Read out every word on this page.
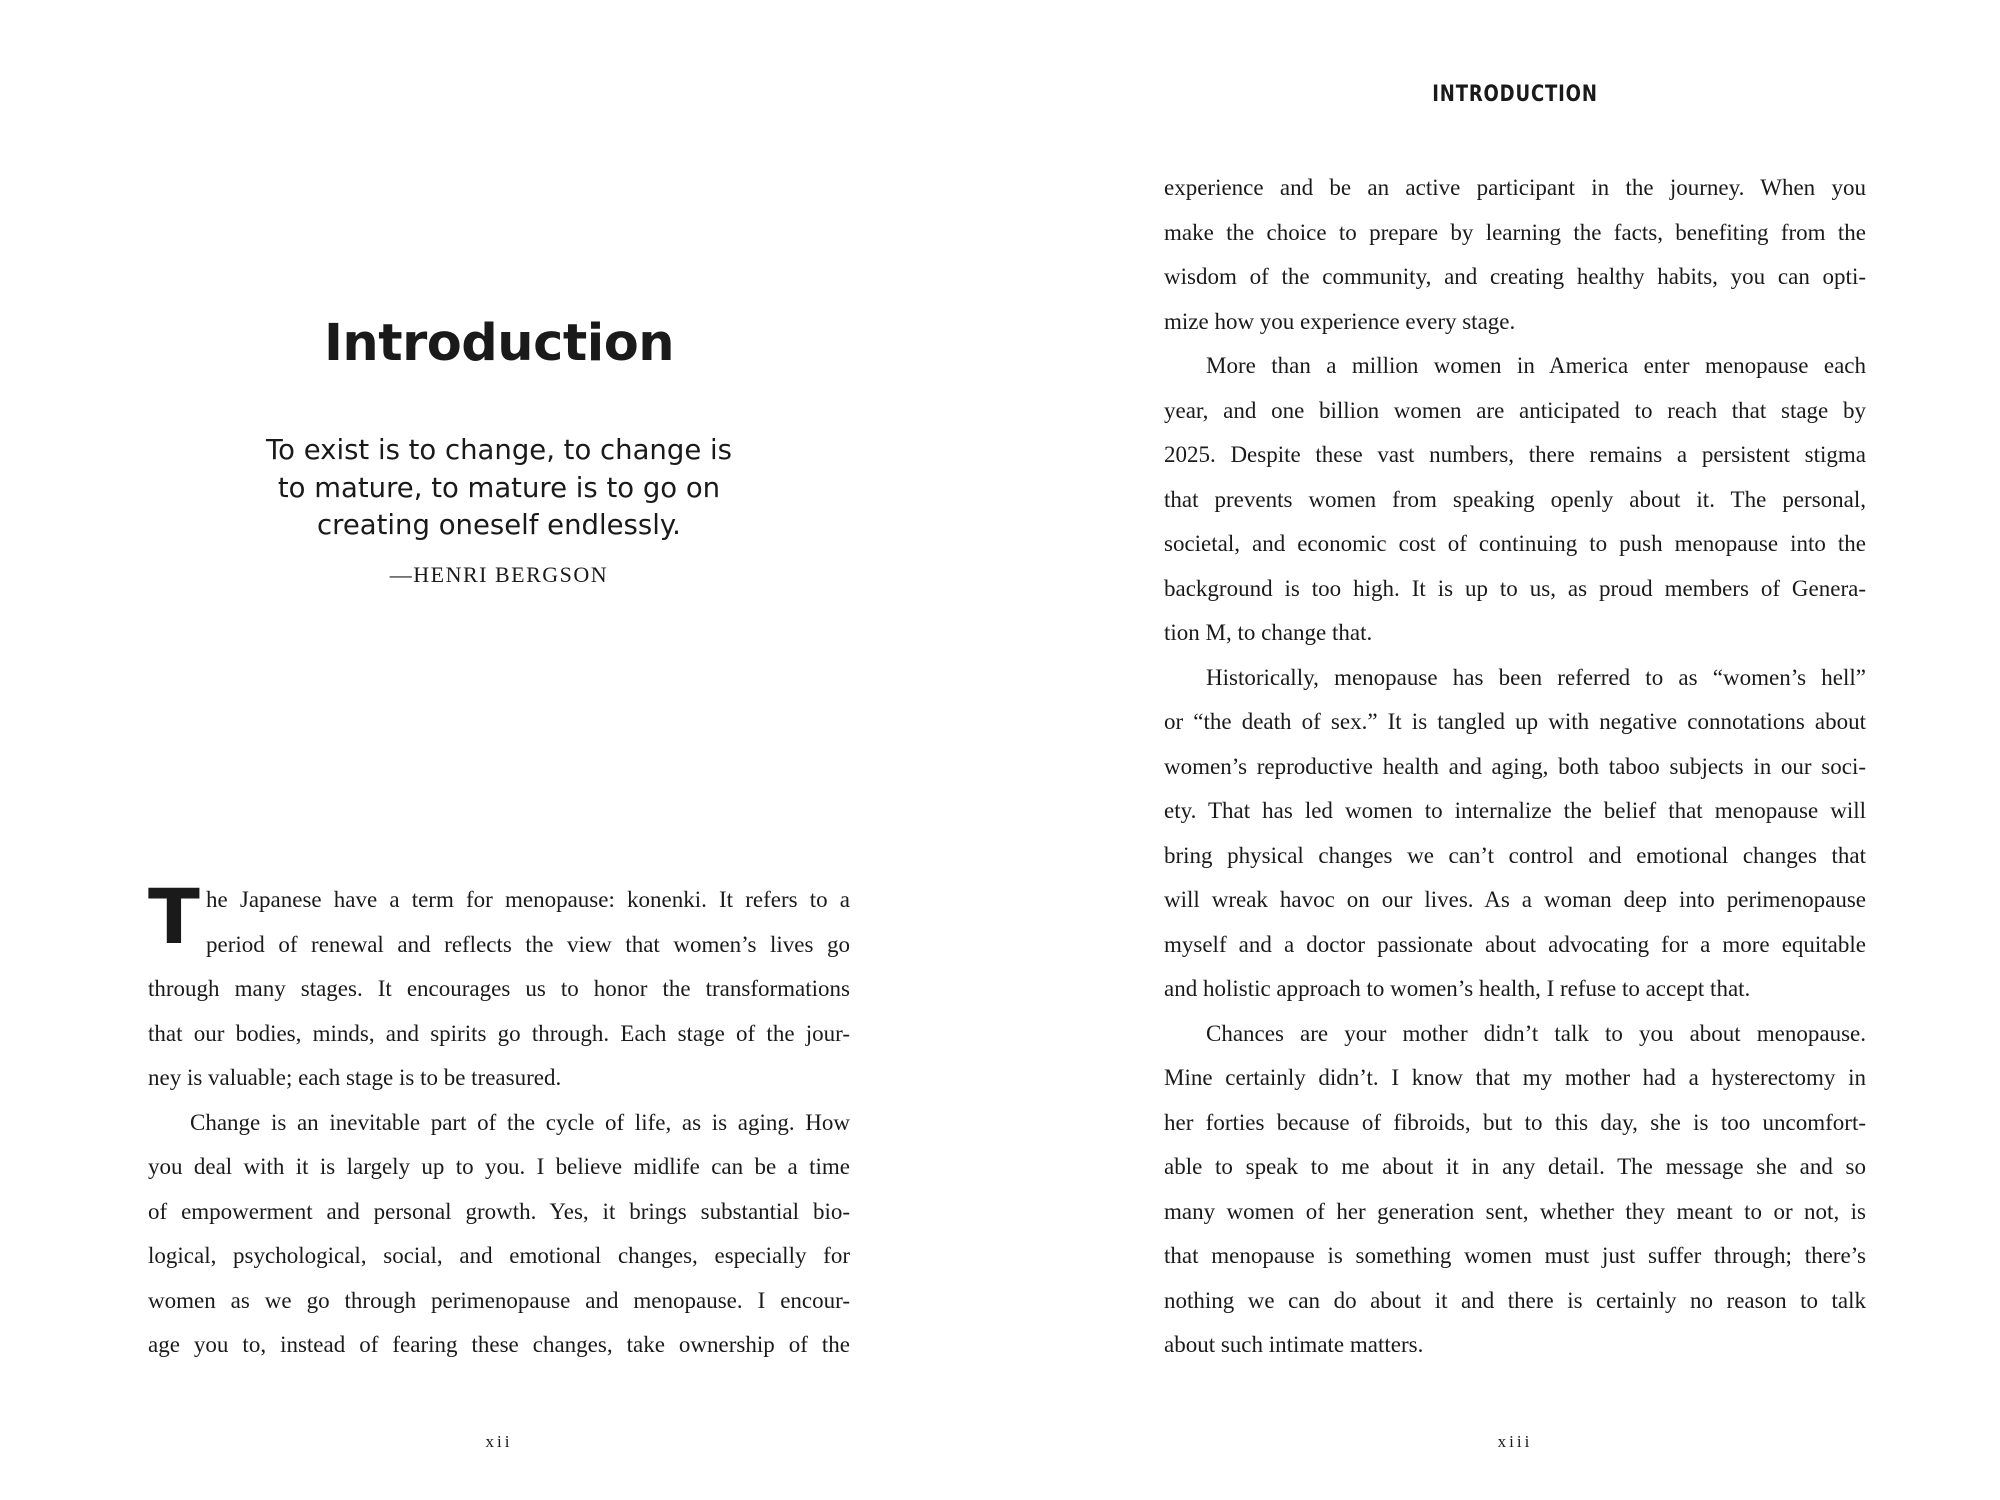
Introduction
To exist is to change, to change is
to mature, to mature is to go on
creating oneself endlessly.
—HENRI BERGSON
T he Japanese have a term for menopause: konenki. It refers to a
period of renewal and reflects the view that women’s lives go
through many stages. It encourages us to honor the transformations
that our bodies, minds, and spirits go through. Each stage of the jour-
ney is valuable; each stage is to be treasured.
Change is an inevitable part of the cycle of life, as is aging. How
you deal with it is largely up to you. I believe midlife can be a time
of empowerment and personal growth. Yes, it brings substantial bio-
logical, psychological, social, and emotional changes, especially for
women as we go through perimenopause and menopause. I encour-
age you to, instead of fearing these changes, take ownership of the
xii
INTRODUCTION
experience and be an active participant in the journey. When you
make the choice to prepare by learning the facts, benefiting from the
wisdom of the community, and creating healthy habits, you can opti-
mize how you experience every stage.
More than a million women in America enter menopause each
year, and one billion women are anticipated to reach that stage by
2025. Despite these vast numbers, there remains a persistent stigma
that prevents women from speaking openly about it. The personal,
societal, and economic cost of continuing to push menopause into the
background is too high. It is up to us, as proud members of Genera-
tion M, to change that.
Historically, menopause has been referred to as “women’s hell”
or “the death of sex.” It is tangled up with negative connotations about
women’s reproductive health and aging, both taboo subjects in our soci-
ety. That has led women to internalize the belief that menopause will
bring physical changes we can’t control and emotional changes that
will wreak havoc on our lives. As a woman deep into perimenopause
myself and a doctor passionate about advocating for a more equitable
and holistic approach to women’s health, I refuse to accept that.
Chances are your mother didn’t talk to you about menopause.
Mine certainly didn’t. I know that my mother had a hysterectomy in
her forties because of fibroids, but to this day, she is too uncomfort-
able to speak to me about it in any detail. The message she and so
many women of her generation sent, whether they meant to or not, is
that menopause is something women must just suffer through; there’s
nothing we can do about it and there is certainly no reason to talk
about such intimate matters.
xiii
